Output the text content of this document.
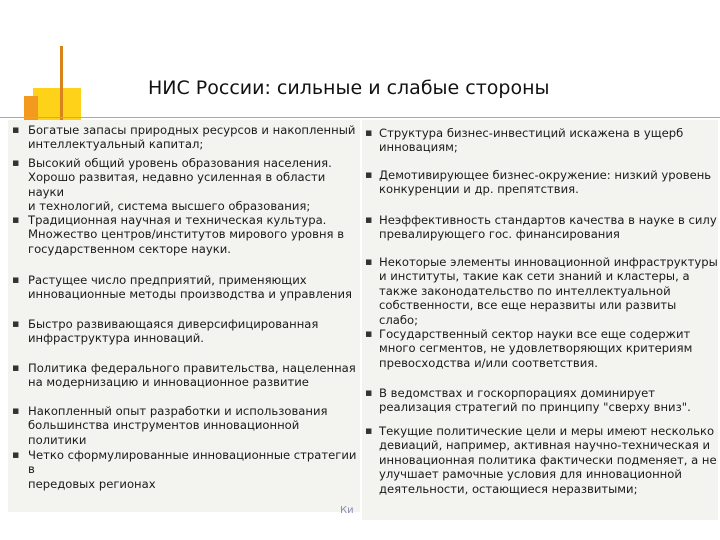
НИС России: сильные и слабые стороны
▪ Богатые запасы природных ресурсов и накопленный
интеллектуальный капитал;
▪ Высокий общий уровень образования населения.
Хорошо развитая, недавно усиленная в области науки
и технологий, система высшего образования;
▪ Традиционная научная и техническая культура.
Множество центров/институтов мирового уровня в
государственном секторе науки.
▪ Растущее число предприятий, применяющих
инновационные методы производства и управления
▪ Быстро развивающаяся диверсифицированная
инфраструктура инноваций.
▪ Политика федерального правительства, нацеленная
на модернизацию и инновационное развитие
▪ Накопленный опыт разработки и использования
большинства инструментов инновационной политики
▪ Четко сформулированные инновационные стратегии в
передовых регионах
▪ Структура бизнес-инвестиций искажена в ущерб
инновациям;
▪ Демотивирующее бизнес-окружение: низкий уровень
конкуренции и др. препятствия.
▪ Неэффективность стандартов качества в науке в силу
превалирующего гос. финансирования
▪ Некоторые элементы инновационной инфраструктуры
и институты, такие как сети знаний и кластеры, а
также законодательство по интеллектуальной
собственности, все еще неразвиты или развиты слабо;
▪ Государственный сектор науки все еще содержит
много сегментов, не удовлетворяющих критериям
превосходства и/или соответствия.
▪ В ведомствах и госкорпорациях доминирует
реализация стратегий по принципу "сверху вниз".
▪ Текущие политические цели и меры имеют несколько
девиаций, например, активная научно-техническая и
инновационная политика фактически подменяет, а не
улучшает рамочные условия для инновационной
деятельности, остающиеся неразвитыми;
Ки
